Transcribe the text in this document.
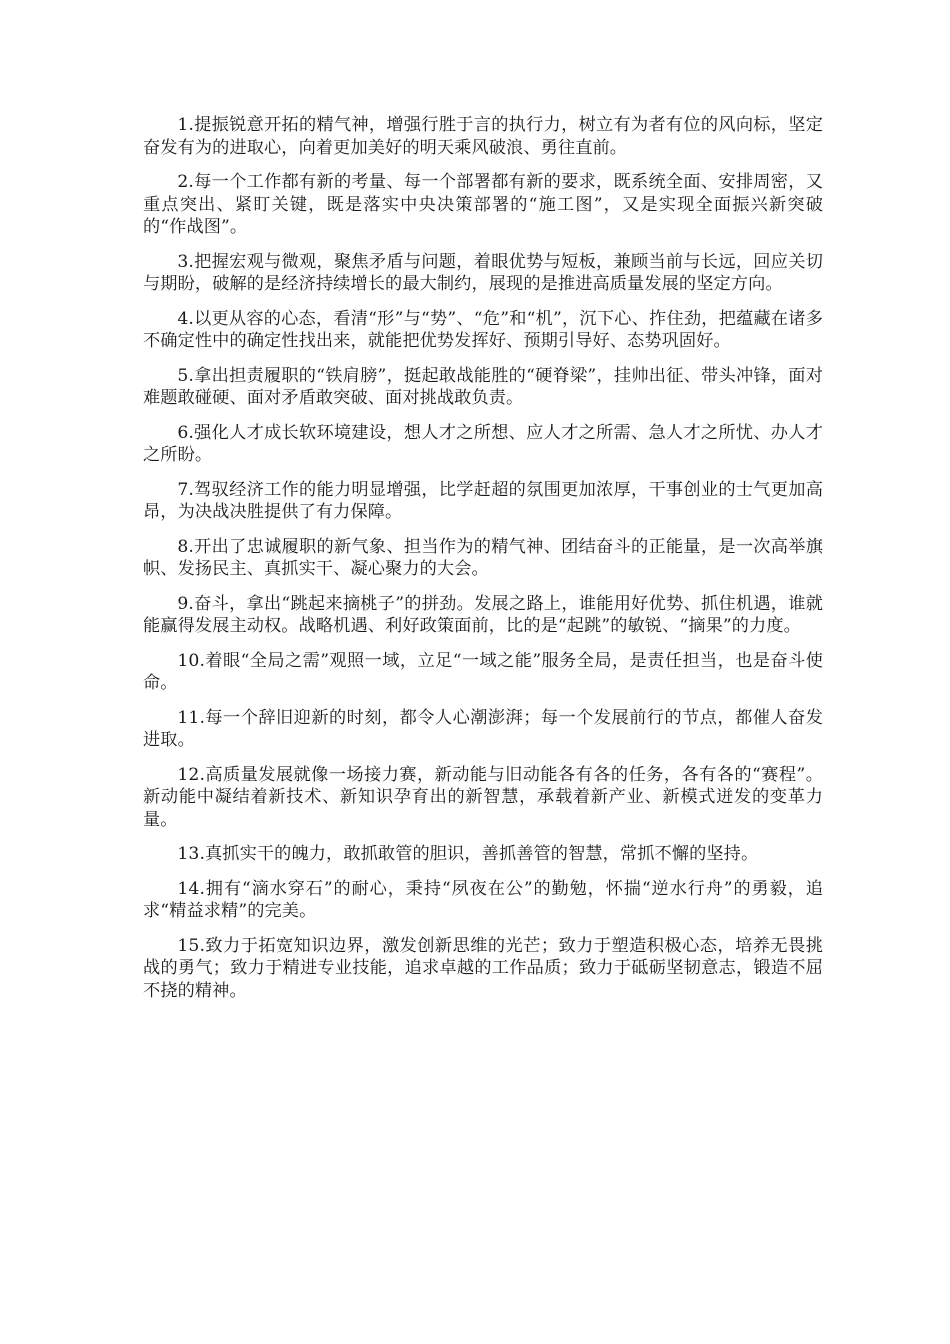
1.提振锐意开拓的精气神，增强行胜于言的执行力，树立有为者有位的风向标，坚定奋发有为的进取心，向着更加美好的明天乘风破浪、勇往直前。

2.每一个工作都有新的考量、每一个部署都有新的要求，既系统全面、安排周密，又重点突出、紧盯关键，既是落实中央决策部署的“施工图”，又是实现全面振兴新突破的“作战图”。

3.把握宏观与微观，聚焦矛盾与问题，着眼优势与短板，兼顾当前与长远，回应关切与期盼，破解的是经济持续增长的最大制约，展现的是推进高质量发展的坚定方向。

4.以更从容的心态，看清“形”与“势”、“危”和“机”，沉下心、拃住劲，把蕴藏在诸多不确定性中的确定性找出来，就能把优势发挥好、预期引导好、态势巩固好。

5.拿出担责履职的“铁肩膀”，挺起敢战能胜的“硬脊梁”，挂帅出征、带头冲锋，面对难题敢碰硬、面对矛盾敢突破、面对挑战敢负责。

6.强化人才成长软环境建设，想人才之所想、应人才之所需、急人才之所忧、办人才之所盼。

7.驾驭经济工作的能力明显增强，比学赶超的氛围更加浓厚，干事创业的士气更加高昂，为决战决胜提供了有力保障。

8.开出了忠诚履职的新气象、担当作为的精气神、团结奋斗的正能量，是一次高举旗帜、发扬民主、真抓实干、凝心聚力的大会。

9.奋斗，拿出“跳起来摘桃子”的拼劲。发展之路上，谁能用好优势、抓住机遇，谁就能赢得发展主动权。战略机遇、利好政策面前，比的是“起跳”的敏锐、“摘果”的力度。

10.着眼“全局之需”观照一域，立足“一域之能”服务全局，是责任担当，也是奋斗使命。

11.每一个辞旧迎新的时刻，都令人心潮澎湃；每一个发展前行的节点，都催人奋发进取。

12.高质量发展就像一场接力赛，新动能与旧动能各有各的任务，各有各的“赛程”。新动能中凝结着新技术、新知识孕育出的新智慧，承载着新产业、新模式迸发的变革力量。

13.真抓实干的魄力，敢抓敢管的胆识，善抓善管的智慧，常抓不懈的坚持。

14.拥有“滴水穿石”的耐心，秉持“夙夜在公”的勤勉，怀揣“逆水行舟”的勇毅，追求“精益求精”的完美。

15.致力于拓宽知识边界，激发创新思维的光芒；致力于塑造积极心态，培养无畏挑战的勇气；致力于精进专业技能，追求卓越的工作品质；致力于砥砺坚韧意志，锻造不屈不挠的精神。
